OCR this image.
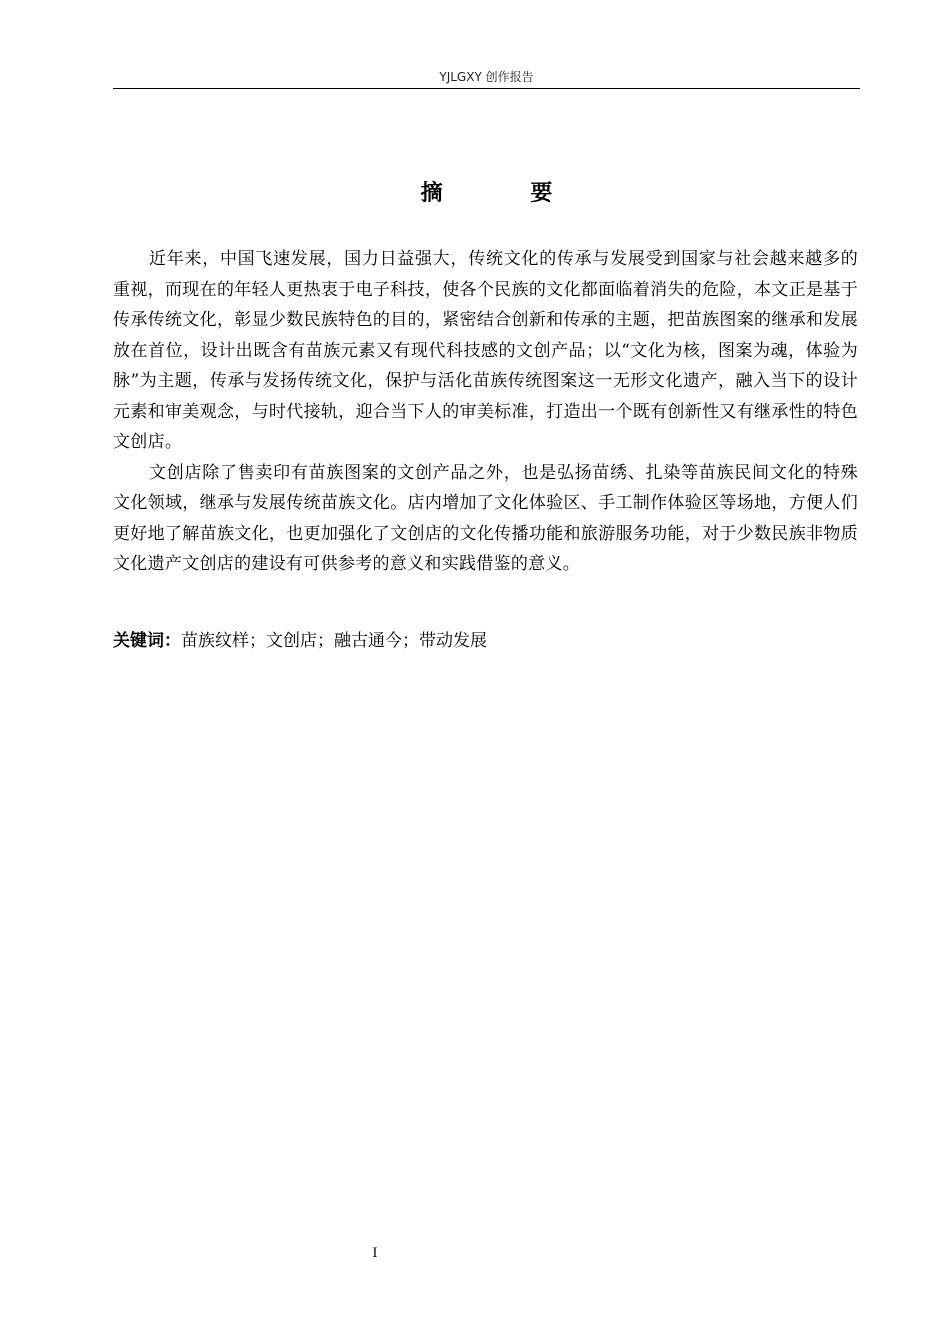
YJLGXY 创作报告
摘 要

近年来，中国飞速发展，国力日益强大，传统文化的传承与发展受到国家与社会越来越多的重视，而现在的年轻人更热衷于电子科技，使各个民族的文化都面临着消失的危险，本文正是基于传承传统文化，彰显少数民族特色的目的，紧密结合创新和传承的主题，把苗族图案的继承和发展放在首位，设计出既含有苗族元素又有现代科技感的文创产品；以“文化为核，图案为魂，体验为脉”为主题，传承与发扬传统文化，保护与活化苗族传统图案这一无形文化遗产，融入当下的设计元素和审美观念，与时代接轨，迎合当下人的审美标准，打造出一个既有创新性又有继承性的特色文创店。

文创店除了售卖印有苗族图案的文创产品之外，也是弘扬苗绣、扎染等苗族民间文化的特殊文化领域，继承与发展传统苗族文化。店内增加了文化体验区、手工制作体验区等场地，方便人们更好地了解苗族文化，也更加强化了文创店的文化传播功能和旅游服务功能，对于少数民族非物质文化遗产文创店的建设有可供参考的意义和实践借鉴的意义。

关键词：苗族纹样；文创店；融古通今；带动发展
I
